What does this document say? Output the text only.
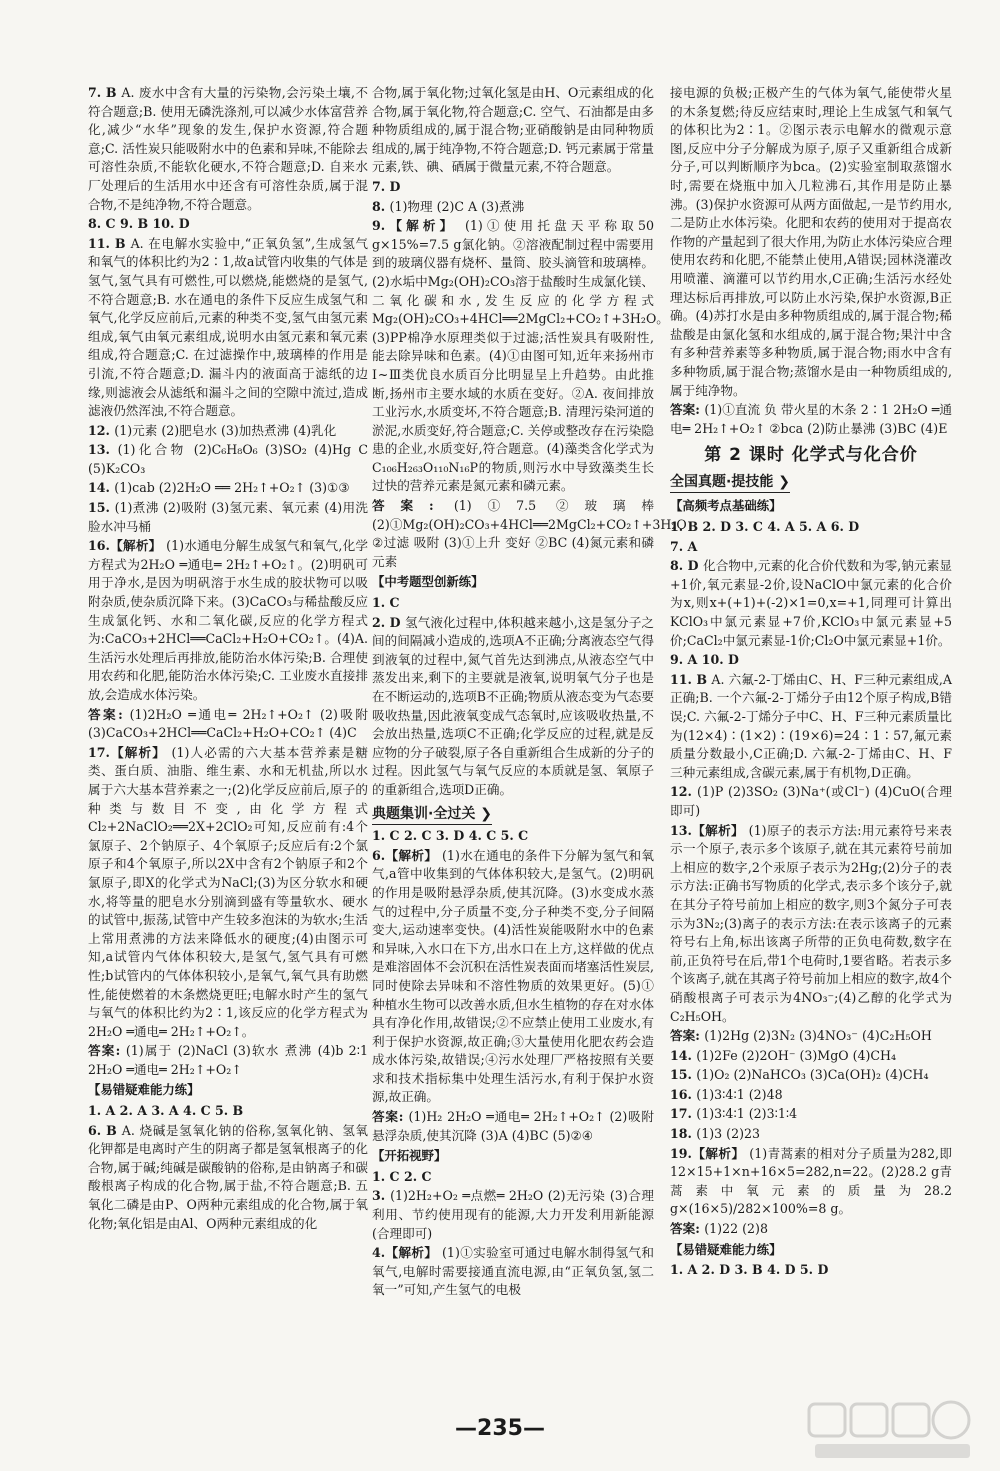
7. B A. 废水中含有大量的污染物,会污染土壤,不符合题意;B. 使用无磷洗涤剂,可以减少水体富营养化,减少“水华”现象的发生,保护水资源,符合题意;C. 活性炭只能吸附水中的色素和异味,不能除去可溶性杂质,不能软化硬水,不符合题意;D. 自来水厂处理后的生活用水中还含有可溶性杂质,属于混合物,不是纯净物,不符合题意。
8. C 9. B 10. D
11. B A. 在电解水实验中,“正氧负氢”,生成氢气和氧气的体积比约为2∶1,故a试管内收集的气体是氢气,氢气具有可燃性,可以燃烧,能燃烧的是氢气,不符合题意;B. 水在通电的条件下反应生成氢气和氧气,化学反应前后,元素的种类不变,氢气由氢元素组成,氧气由氧元素组成,说明水由氢元素和氧元素组成,符合题意;C. 在过滤操作中,玻璃棒的作用是引流,不符合题意;D. 漏斗内的液面高于滤纸的边缘,则滤液会从滤纸和漏斗之间的空隙中流过,造成滤液仍然浑浊,不符合题意。
12. (1)元素 (2)肥皂水 (3)加热煮沸 (4)乳化
13. (1)化合物 (2)C₆H₈O₆ (3)SO₂ (4)Hg C (5)K₂CO₃
14. (1)cab (2)2H₂O ══ 2H₂↑+O₂↑ (3)①③
15. (1)煮沸 (2)吸附 (3)氢元素、氧元素 (4)用洗脸水冲马桶
16.【解析】 (1)水通电分解生成氢气和氧气,化学方程式为2H₂O ═通电═ 2H₂↑+O₂↑。(2)明矾可用于净水,是因为明矾溶于水生成的胶状物可以吸附杂质,使杂质沉降下来。(3)CaCO₃与稀盐酸反应生成氯化钙、水和二氧化碳,反应的化学方程式为:CaCO₃+2HCl══CaCl₂+H₂O+CO₂↑。(4)A. 生活污水处理后再排放,能防治水体污染;B. 合理使用农药和化肥,能防治水体污染;C. 工业废水直接排放,会造成水体污染。
答案: (1)2H₂O ═通电═ 2H₂↑+O₂↑ (2)吸附 (3)CaCO₃+2HCl══CaCl₂+H₂O+CO₂↑ (4)C
17.【解析】 (1)人必需的六大基本营养素是糖类、蛋白质、油脂、维生素、水和无机盐,所以水属于六大基本营养素之一;(2)化学反应前后,原子的种类与数目不变,由化学方程式Cl₂+2NaClO₂══2X+2ClO₂可知,反应前有:4个氯原子、2个钠原子、4个氧原子;反应后有:2个氯原子和4个氧原子,所以2X中含有2个钠原子和2个氯原子,即X的化学式为NaCl;(3)为区分软水和硬水,将等量的肥皂水分别滴到盛有等量软水、硬水的试管中,振荡,试管中产生较多泡沫的为软水;生活上常用煮沸的方法来降低水的硬度;(4)由图示可知,a试管内气体体积较大,是氢气,氢气具有可燃性;b试管内的气体体积较小,是氧气,氧气具有助燃性,能使燃着的木条燃烧更旺;电解水时产生的氢气与氧气的体积比约为2∶1,该反应的化学方程式为2H₂O ═通电═ 2H₂↑+O₂↑。
答案: (1)属于 (2)NaCl (3)软水 煮沸 (4)b 2∶1 2H₂O ═通电═ 2H₂↑+O₂↑
【易错疑难能力练】
1. A 2. A 3. A 4. C 5. B
6. B A. 烧碱是氢氧化钠的俗称,氢氧化钠、氢氧化钾都是电离时产生的阴离子都是氢氧根离子的化合物,属于碱;纯碱是碳酸钠的俗称,是由钠离子和碳酸根离子构成的化合物,属于盐,不符合题意;B. 五氧化二磷是由P、O两种元素组成的化合物,属于氧化物;氧化铝是由Al、O两种元素组成的化
合物,属于氧化物;过氧化氢是由H、O元素组成的化合物,属于氧化物,符合题意;C. 空气、石油都是由多种物质组成的,属于混合物;亚硝酸钠是由同种物质组成的,属于纯净物,不符合题意;D. 钙元素属于常量元素,铁、碘、硒属于微量元素,不符合题意。
7. D
8. (1)物理 (2)C A (3)煮沸
9.【解析】 (1)①使用托盘天平称取50 g×15%=7.5 g氯化钠。②溶液配制过程中需要用到的玻璃仪器有烧杯、量筒、胶头滴管和玻璃棒。(2)水垢中Mg₂(OH)₂CO₃溶于盐酸时生成氯化镁、二氧化碳和水,发生反应的化学方程式Mg₂(OH)₂CO₃+4HCl══2MgCl₂+CO₂↑+3H₂O。(3)PP棉净水原理类似于过滤;活性炭具有吸附性,能去除异味和色素。(4)①由图可知,近年来扬州市Ⅰ~Ⅲ类优良水质百分比明显呈上升趋势。由此推断,扬州市主要水域的水质在变好。②A. 夜间排放工业污水,水质变坏,不符合题意;B. 清理污染河道的淤泥,水质变好,符合题意;C. 关停或整改存在污染隐患的企业,水质变好,符合题意。(4)藻类含化学式为C₁₀₆H₂₆₃O₁₁₀N₁₆P的物质,则污水中导致藻类生长过快的营养元素是氮元素和磷元素。
答案: (1)①7.5 ②玻璃棒 (2)①Mg₂(OH)₂CO₃+4HCl══2MgCl₂+CO₂↑+3H₂O ②过滤 吸附 (3)①上升 变好 ②BC (4)氮元素和磷元素
【中考题型创新练】
1. C
2. D 氢气液化过程中,体积越来越小,这是氢分子之间的间隔减小造成的,选项A不正确;分离液态空气得到液氧的过程中,氮气首先达到沸点,从液态空气中蒸发出来,剩下的主要就是液氧,说明氧气分子也是在不断运动的,选项B不正确;物质从液态变为气态要吸收热量,因此液氧变成气态氧时,应该吸收热量,不会放出热量,选项C不正确;化学反应的过程,就是反应物的分子破裂,原子各自重新组合生成新的分子的过程。因此氢气与氧气反应的本质就是氢、氧原子的重新组合,选项D正确。
典题集训·全过关 ❯
1. C 2. C 3. D 4. C 5. C
6.【解析】 (1)水在通电的条件下分解为氢气和氧气,a管中收集到的气体体积较大,是氢气。(2)明矾的作用是吸附悬浮杂质,使其沉降。(3)水变成水蒸气的过程中,分子质量不变,分子种类不变,分子间隔变大,运动速率变快。(4)活性炭能吸附水中的色素和异味,入水口在下方,出水口在上方,这样做的优点是难溶固体不会沉积在活性炭表面而堵塞活性炭层,同时使除去异味和不溶性物质的效果更好。(5)①种植水生物可以改善水质,但水生植物的存在对水体具有净化作用,故错误;②不应禁止使用工业废水,有利于保护水资源,故正确;③大量使用化肥农药会造成水体污染,故错误;④污水处理厂严格按照有关要求和技术指标集中处理生活污水,有利于保护水资源,故正确。
答案: (1)H₂ 2H₂O ═通电═ 2H₂↑+O₂↑ (2)吸附悬浮杂质,使其沉降 (3)A (4)BC (5)②④
【开拓视野】
1. C 2. C
3. (1)2H₂+O₂ ═点燃═ 2H₂O (2)无污染 (3)合理利用、节约使用现有的能源,大力开发利用新能源(合理即可)
4.【解析】 (1)①实验室可通过电解水制得氢气和氧气,电解时需要接通直流电源,由“正氧负氢,氢二氧一”可知,产生氢气的电极
接电源的负极;正极产生的气体为氧气,能使带火星的木条复燃;待反应结束时,理论上生成氢气和氧气的体积比为2∶1。②图示表示电解水的微观示意图,反应中分子分解成为原子,原子又重新组合成新分子,可以判断顺序为bca。(2)实验室制取蒸馏水时,需要在烧瓶中加入几粒沸石,其作用是防止暴沸。(3)保护水资源可从两方面做起,一是节约用水,二是防止水体污染。化肥和农药的使用对于提高农作物的产量起到了很大作用,为防止水体污染应合理使用农药和化肥,不能禁止使用,A错误;园林浇灌改用喷灌、滴灌可以节约用水,C正确;生活污水经处理达标后再排放,可以防止水污染,保护水资源,B正确。(4)苏打水是由多种物质组成的,属于混合物;稀盐酸是由氯化氢和水组成的,属于混合物;果汁中含有多种营养素等多种物质,属于混合物;雨水中含有多种物质,属于混合物;蒸馏水是由一种物质组成的,属于纯净物。
答案: (1)①直流 负 带火星的木条 2∶1 2H₂O ═通电═ 2H₂↑+O₂↑ ②bca (2)防止暴沸 (3)BC (4)E
第 2 课时 化学式与化合价
全国真题·提技能 ❯
【高频考点基础练】
1. B 2. D 3. C 4. A 5. A 6. D
7. A
8. D 化合物中,元素的化合价代数和为零,钠元素显+1价,氧元素显-2价,设NaClO中氯元素的化合价为x,则x+(+1)+(-2)×1=0,x=+1,同理可计算出KClO₃中氯元素显+7价,KClO₃中氯元素显+5价;CaCl₂中氯元素显-1价;Cl₂O中氯元素显+1价。
9. A 10. D
11. B A. 六氟-2-丁烯由C、H、F三种元素组成,A正确;B. 一个六氟-2-丁烯分子由12个原子构成,B错误;C. 六氟-2-丁烯分子中C、H、F三种元素质量比为(12×4)∶(1×2)∶(19×6)=24∶1∶57,氟元素质量分数最小,C正确;D. 六氟-2-丁烯由C、H、F三种元素组成,含碳元素,属于有机物,D正确。
12. (1)P (2)3SO₂ (3)Na⁺(或Cl⁻) (4)CuO(合理即可)
13.【解析】 (1)原子的表示方法:用元素符号来表示一个原子,表示多个该原子,就在其元素符号前加上相应的数字,2个汞原子表示为2Hg;(2)分子的表示方法:正确书写物质的化学式,表示多个该分子,就在其分子符号前加上相应的数字,则3个氮分子可表示为3N₂;(3)离子的表示方法:在表示该离子的元素符号右上角,标出该离子所带的正负电荷数,数字在前,正负符号在后,带1个电荷时,1要省略。若表示多个该离子,就在其离子符号前加上相应的数字,故4个硝酸根离子可表示为4NO₃⁻;(4)乙醇的化学式为C₂H₅OH。
答案: (1)2Hg (2)3N₂ (3)4NO₃⁻ (4)C₂H₅OH
14. (1)2Fe (2)2OH⁻ (3)MgO (4)CH₄
15. (1)O₂ (2)NaHCO₃ (3)Ca(OH)₂ (4)CH₄
16. (1)3∶4∶1 (2)48
17. (1)3∶4∶1 (2)3∶1∶4
18. (1)3 (2)23
19.【解析】 (1)青蒿素的相对分子质量为282,即12×15+1×n+16×5=282,n=22。(2)28.2 g青蒿素中氧元素的质量为28.2 g×(16×5)/282×100%=8 g。
答案: (1)22 (2)8
【易错疑难能力练】
1. A 2. D 3. B 4. D 5. D
—235—
